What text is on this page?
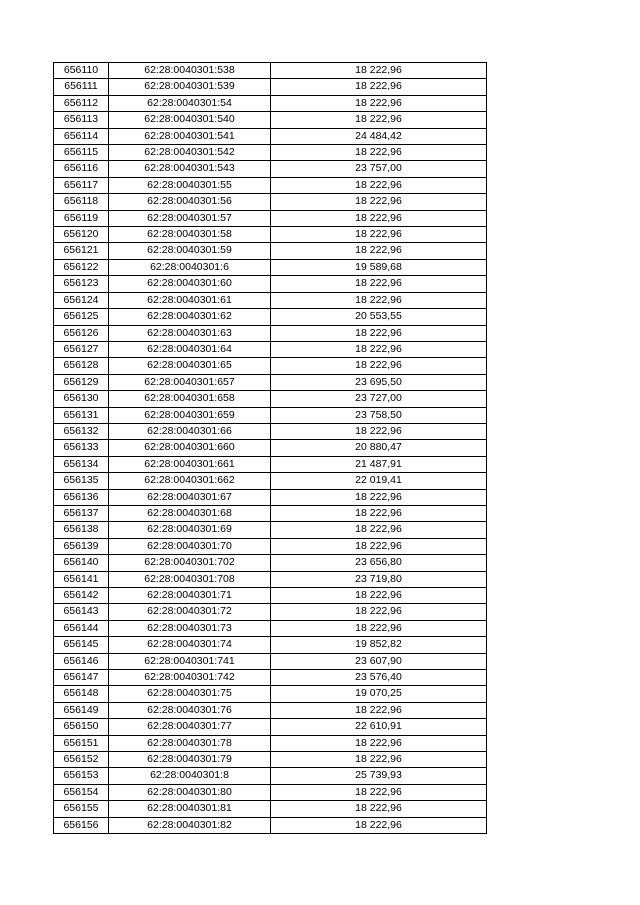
656110	62:28:0040301:538	18 222,96
656111	62:28:0040301:539	18 222,96
656112	62:28:0040301:54	18 222,96
656113	62:28:0040301:540	18 222,96
656114	62:28:0040301:541	24 484,42
656115	62:28:0040301:542	18 222,96
656116	62:28:0040301:543	23 757,00
656117	62:28:0040301:55	18 222,96
656118	62:28:0040301:56	18 222,96
656119	62:28:0040301:57	18 222,96
656120	62:28:0040301:58	18 222,96
656121	62:28:0040301:59	18 222,96
656122	62:28:0040301:6	19 589,68
656123	62:28:0040301:60	18 222,96
656124	62:28:0040301:61	18 222,96
656125	62:28:0040301:62	20 553,55
656126	62:28:0040301:63	18 222,96
656127	62:28:0040301:64	18 222,96
656128	62:28:0040301:65	18 222,96
656129	62:28:0040301:657	23 695,50
656130	62:28:0040301:658	23 727,00
656131	62:28:0040301:659	23 758,50
656132	62:28:0040301:66	18 222,96
656133	62:28:0040301:660	20 880,47
656134	62:28:0040301:661	21 487,91
656135	62:28:0040301:662	22 019,41
656136	62:28:0040301:67	18 222,96
656137	62:28:0040301:68	18 222,96
656138	62:28:0040301:69	18 222,96
656139	62:28:0040301:70	18 222,96
656140	62:28:0040301:702	23 656,80
656141	62:28:0040301:708	23 719,80
656142	62:28:0040301:71	18 222,96
656143	62:28:0040301:72	18 222,96
656144	62:28:0040301:73	18 222,96
656145	62:28:0040301:74	19 852,82
656146	62:28:0040301:741	23 607,90
656147	62:28:0040301:742	23 576,40
656148	62:28:0040301:75	19 070,25
656149	62:28:0040301:76	18 222,96
656150	62:28:0040301:77	22 610,91
656151	62:28:0040301:78	18 222,96
656152	62:28:0040301:79	18 222,96
656153	62:28:0040301:8	25 739,93
656154	62:28:0040301:80	18 222,96
656155	62:28:0040301:81	18 222,96
656156	62:28:0040301:82	18 222,96
